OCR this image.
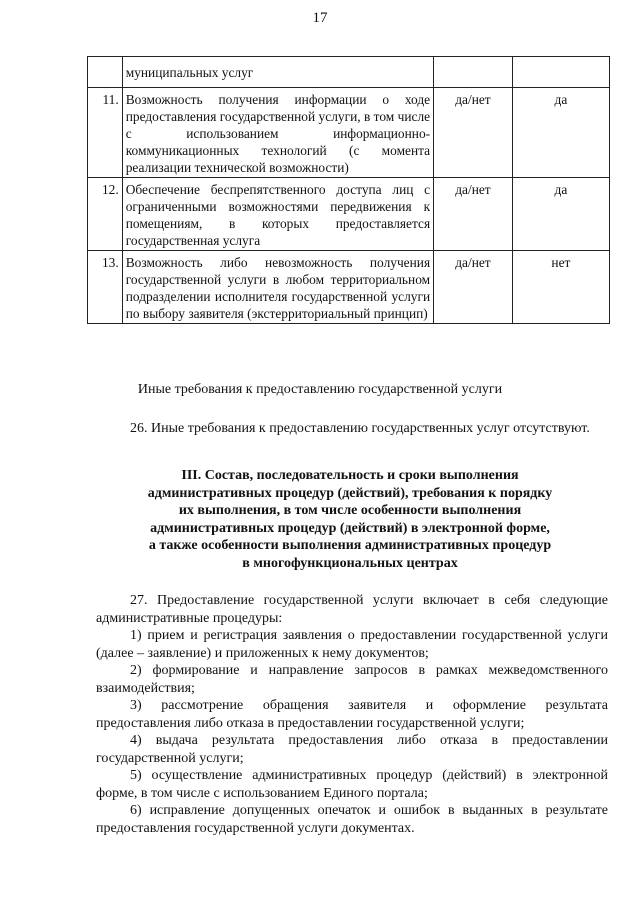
17
	муниципальных услуг		
11.	Возможность получения информации о ходе предоставления государственной услуги, в том числе с использованием информационно-коммуникационных технологий (с момента реализации технической возможности)	да/нет	да
12.	Обеспечение беспрепятственного доступа лиц с ограниченными возможностями передвижения к помещениям, в которых предоставляется государственная услуга	да/нет	да
13.	Возможность либо невозможность получения государственной услуги в любом территориальном подразделении исполнителя государственной услуги по выбору заявителя (экстерриториальный принцип)	да/нет	нет
Иные требования к предоставлению государственной услуги

26. Иные требования к предоставлению государственных услуг отсутствуют.

III. Состав, последовательность и сроки выполнения
административных процедур (действий), требования к порядку
их выполнения, в том числе особенности выполнения
административных процедур (действий) в электронной форме,
а также особенности выполнения административных процедур
в многофункциональных центрах

27. Предоставление государственной услуги включает в себя следующие административные процедуры:

1) прием и регистрация заявления о предоставлении государственной услуги (далее – заявление) и приложенных к нему документов;

2) формирование и направление запросов в рамках межведомственного взаимодействия;

3) рассмотрение обращения заявителя и оформление результата предоставления либо отказа в предоставлении государственной услуги;

4) выдача результата предоставления либо отказа в предоставлении государственной услуги;

5) осуществление административных процедур (действий) в электронной форме, в том числе с использованием Единого портала;

6) исправление допущенных опечаток и ошибок в выданных в результате предоставления государственной услуги документах.
